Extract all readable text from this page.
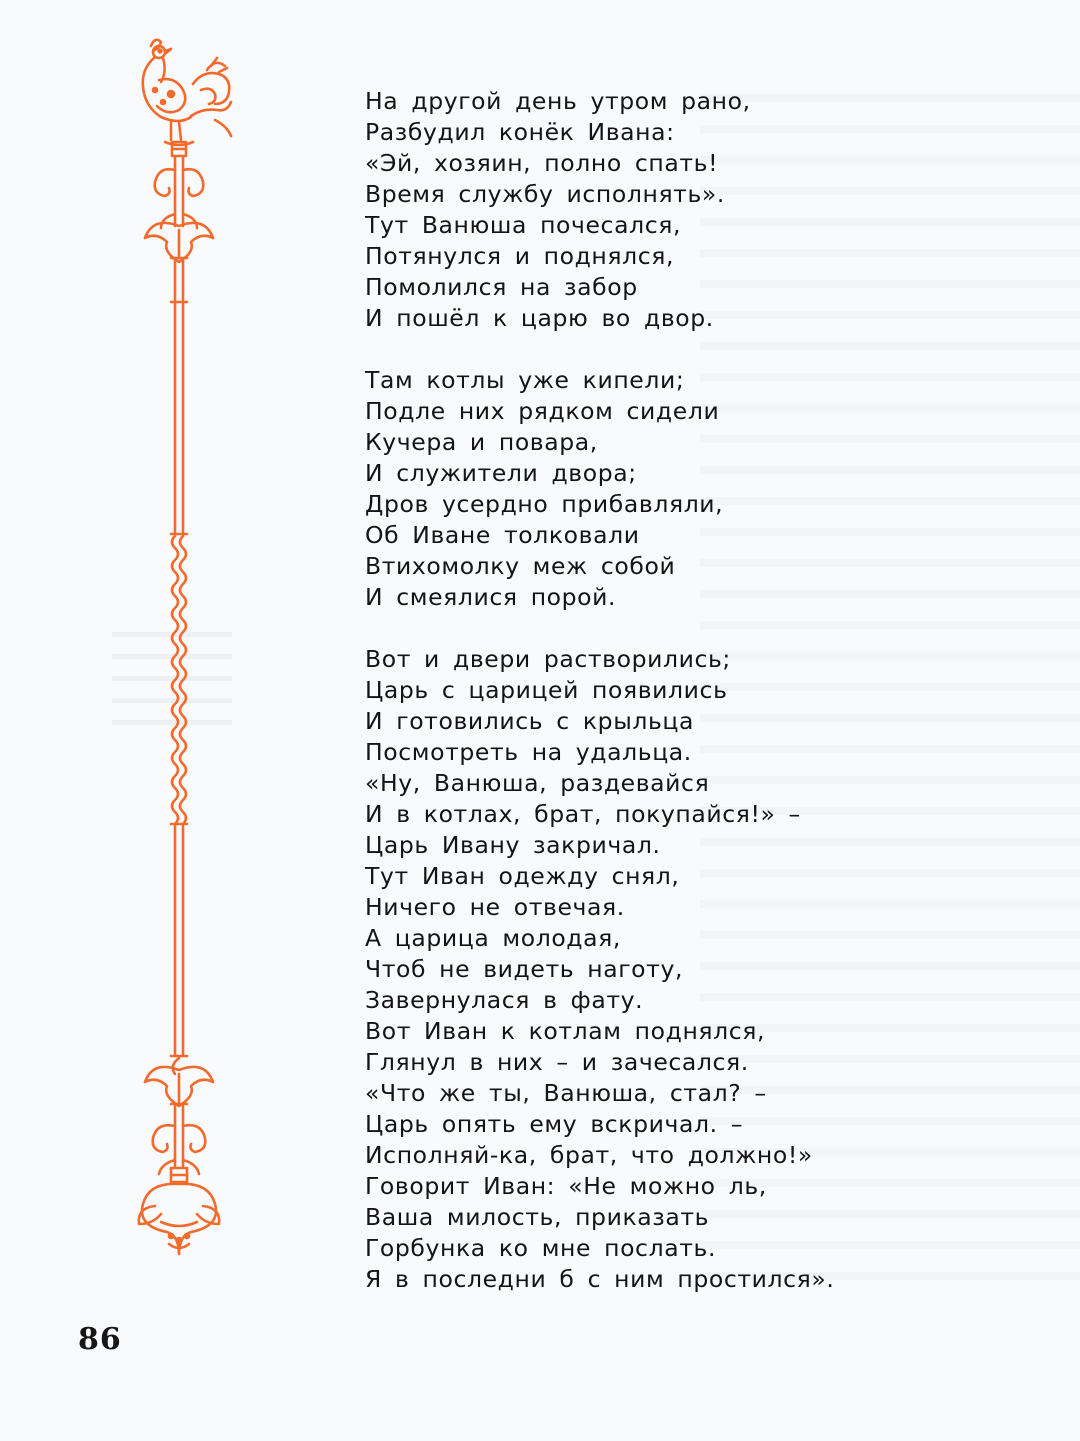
На другой день утром рано,
Разбудил конёк Ивана:
«Эй, хозяин, полно спать!
Время службу исполнять».
Тут Ванюша почесался,
Потянулся и поднялся,
Помолился на забор
И пошёл к царю во двор.
Там котлы уже кипели;
Подле них рядком сидели
Кучера и повара,
И служители двора;
Дров усердно прибавляли,
Об Иване толковали
Втихомолку меж собой
И смеялися порой.
Вот и двери растворились;
Царь с царицей появились
И готовились с крыльца
Посмотреть на удальца.
«Ну, Ванюша, раздевайся
И в котлах, брат, покупайся!» –
Царь Ивану закричал.
Тут Иван одежду снял,
Ничего не отвечая.
А царица молодая,
Чтоб не видеть наготу,
Завернулася в фату.
Вот Иван к котлам поднялся,
Глянул в них – и зачесался.
«Что же ты, Ванюша, стал? –
Царь опять ему вскричал. –
Исполняй-ка, брат, что должно!»
Говорит Иван: «Не можно ль,
Ваша милость, приказать
Горбунка ко мне послать.
Я в последни б с ним простился».
86
